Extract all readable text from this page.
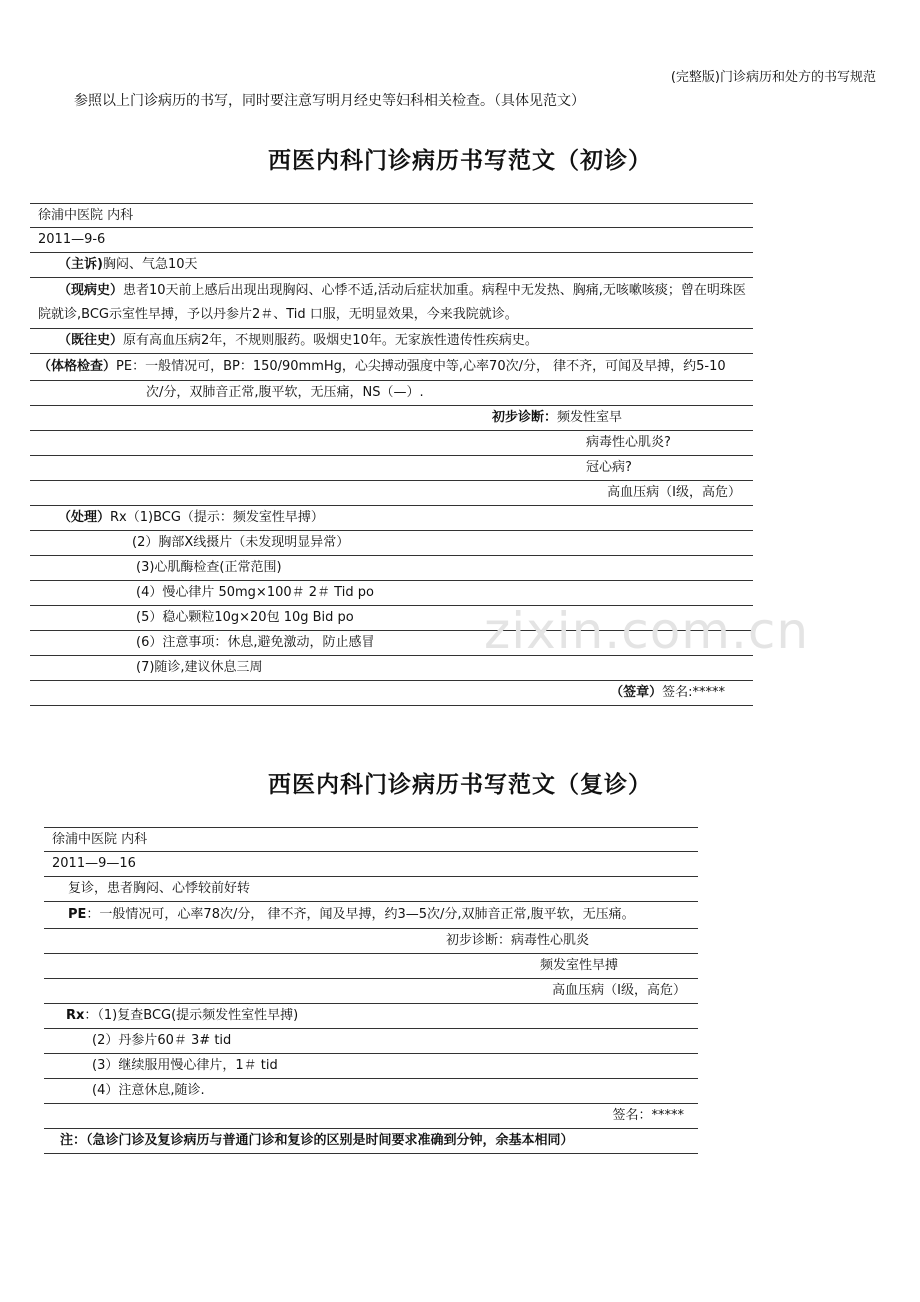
(完整版)门诊病历和处方的书写规范
参照以上门诊病历的书写，同时要注意写明月经史等妇科相关检查。（具体见范文）
西医内科门诊病历书写范文（初诊）
徐浦中医院 内科
2011—9-6
（主诉)胸闷、气急10天
（现病史）患者10天前上感后出现出现胸闷、心悸不适,活动后症状加重。病程中无发热、胸痛,无咳嗽咳痰；曾在明珠医院就诊,BCG示室性早搏，予以丹参片2＃、Tid 口服，无明显效果，今来我院就诊。
（既往史）原有高血压病2年，不规则服药。吸烟史10年。无家族性遗传性疾病史。
（体格检查）PE：一般情况可，BP：150/90mmHg，心尖搏动强度中等,心率70次/分， 律不齐，可闻及早搏，约5-10
次/分，双肺音正常,腹平软，无压痛，NS（—）.
初步诊断：频发性室早
病毒性心肌炎?
冠心病?
高血压病（Ⅰ级，高危）
（处理）Rx（1)BCG（提示：频发室性早搏）
(2）胸部X线摄片（未发现明显异常）
(3)心肌酶检查(正常范围)
(4）慢心律片 50mg×100＃ 2＃ Tid po
(5）稳心颗粒10g×20包 10g Bid po
(6）注意事项：休息,避免激动，防止感冒
(7)随诊,建议休息三周
（签章）签名:*****
西医内科门诊病历书写范文（复诊）
徐浦中医院 内科
2011—9—16
复诊，患者胸闷、心悸较前好转
PE：一般情况可，心率78次/分， 律不齐，闻及早搏，约3—5次/分,双肺音正常,腹平软，无压痛。
初步诊断：病毒性心肌炎
频发室性早搏
高血压病（Ⅰ级，高危）
Rx：（1)复查BCG(提示频发性室性早搏)
(2）丹参片60＃ 3# tid
(3）继续服用慢心律片，1＃ tid
(4）注意休息,随诊.
签名：*****
注：（急诊门诊及复诊病历与普通门诊和复诊的区别是时间要求准确到分钟，余基本相同）
zixin.com.cn
